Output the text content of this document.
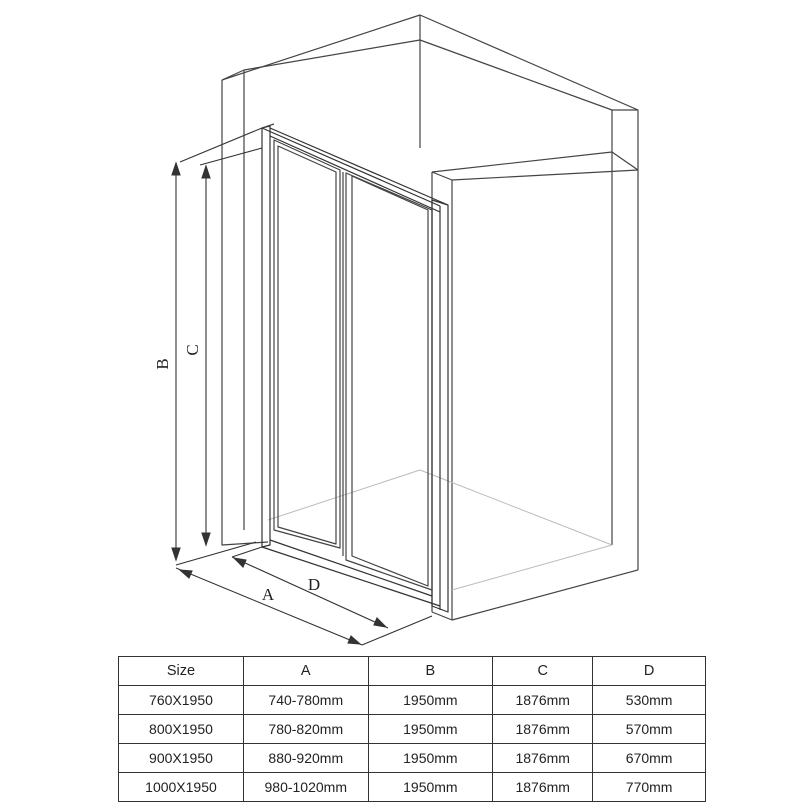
B
C
A
D
Size	A	B	C	D
760X1950	740-780mm	1950mm	1876mm	530mm
800X1950	780-820mm	1950mm	1876mm	570mm
900X1950	880-920mm	1950mm	1876mm	670mm
1000X1950	980-1020mm	1950mm	1876mm	770mm
